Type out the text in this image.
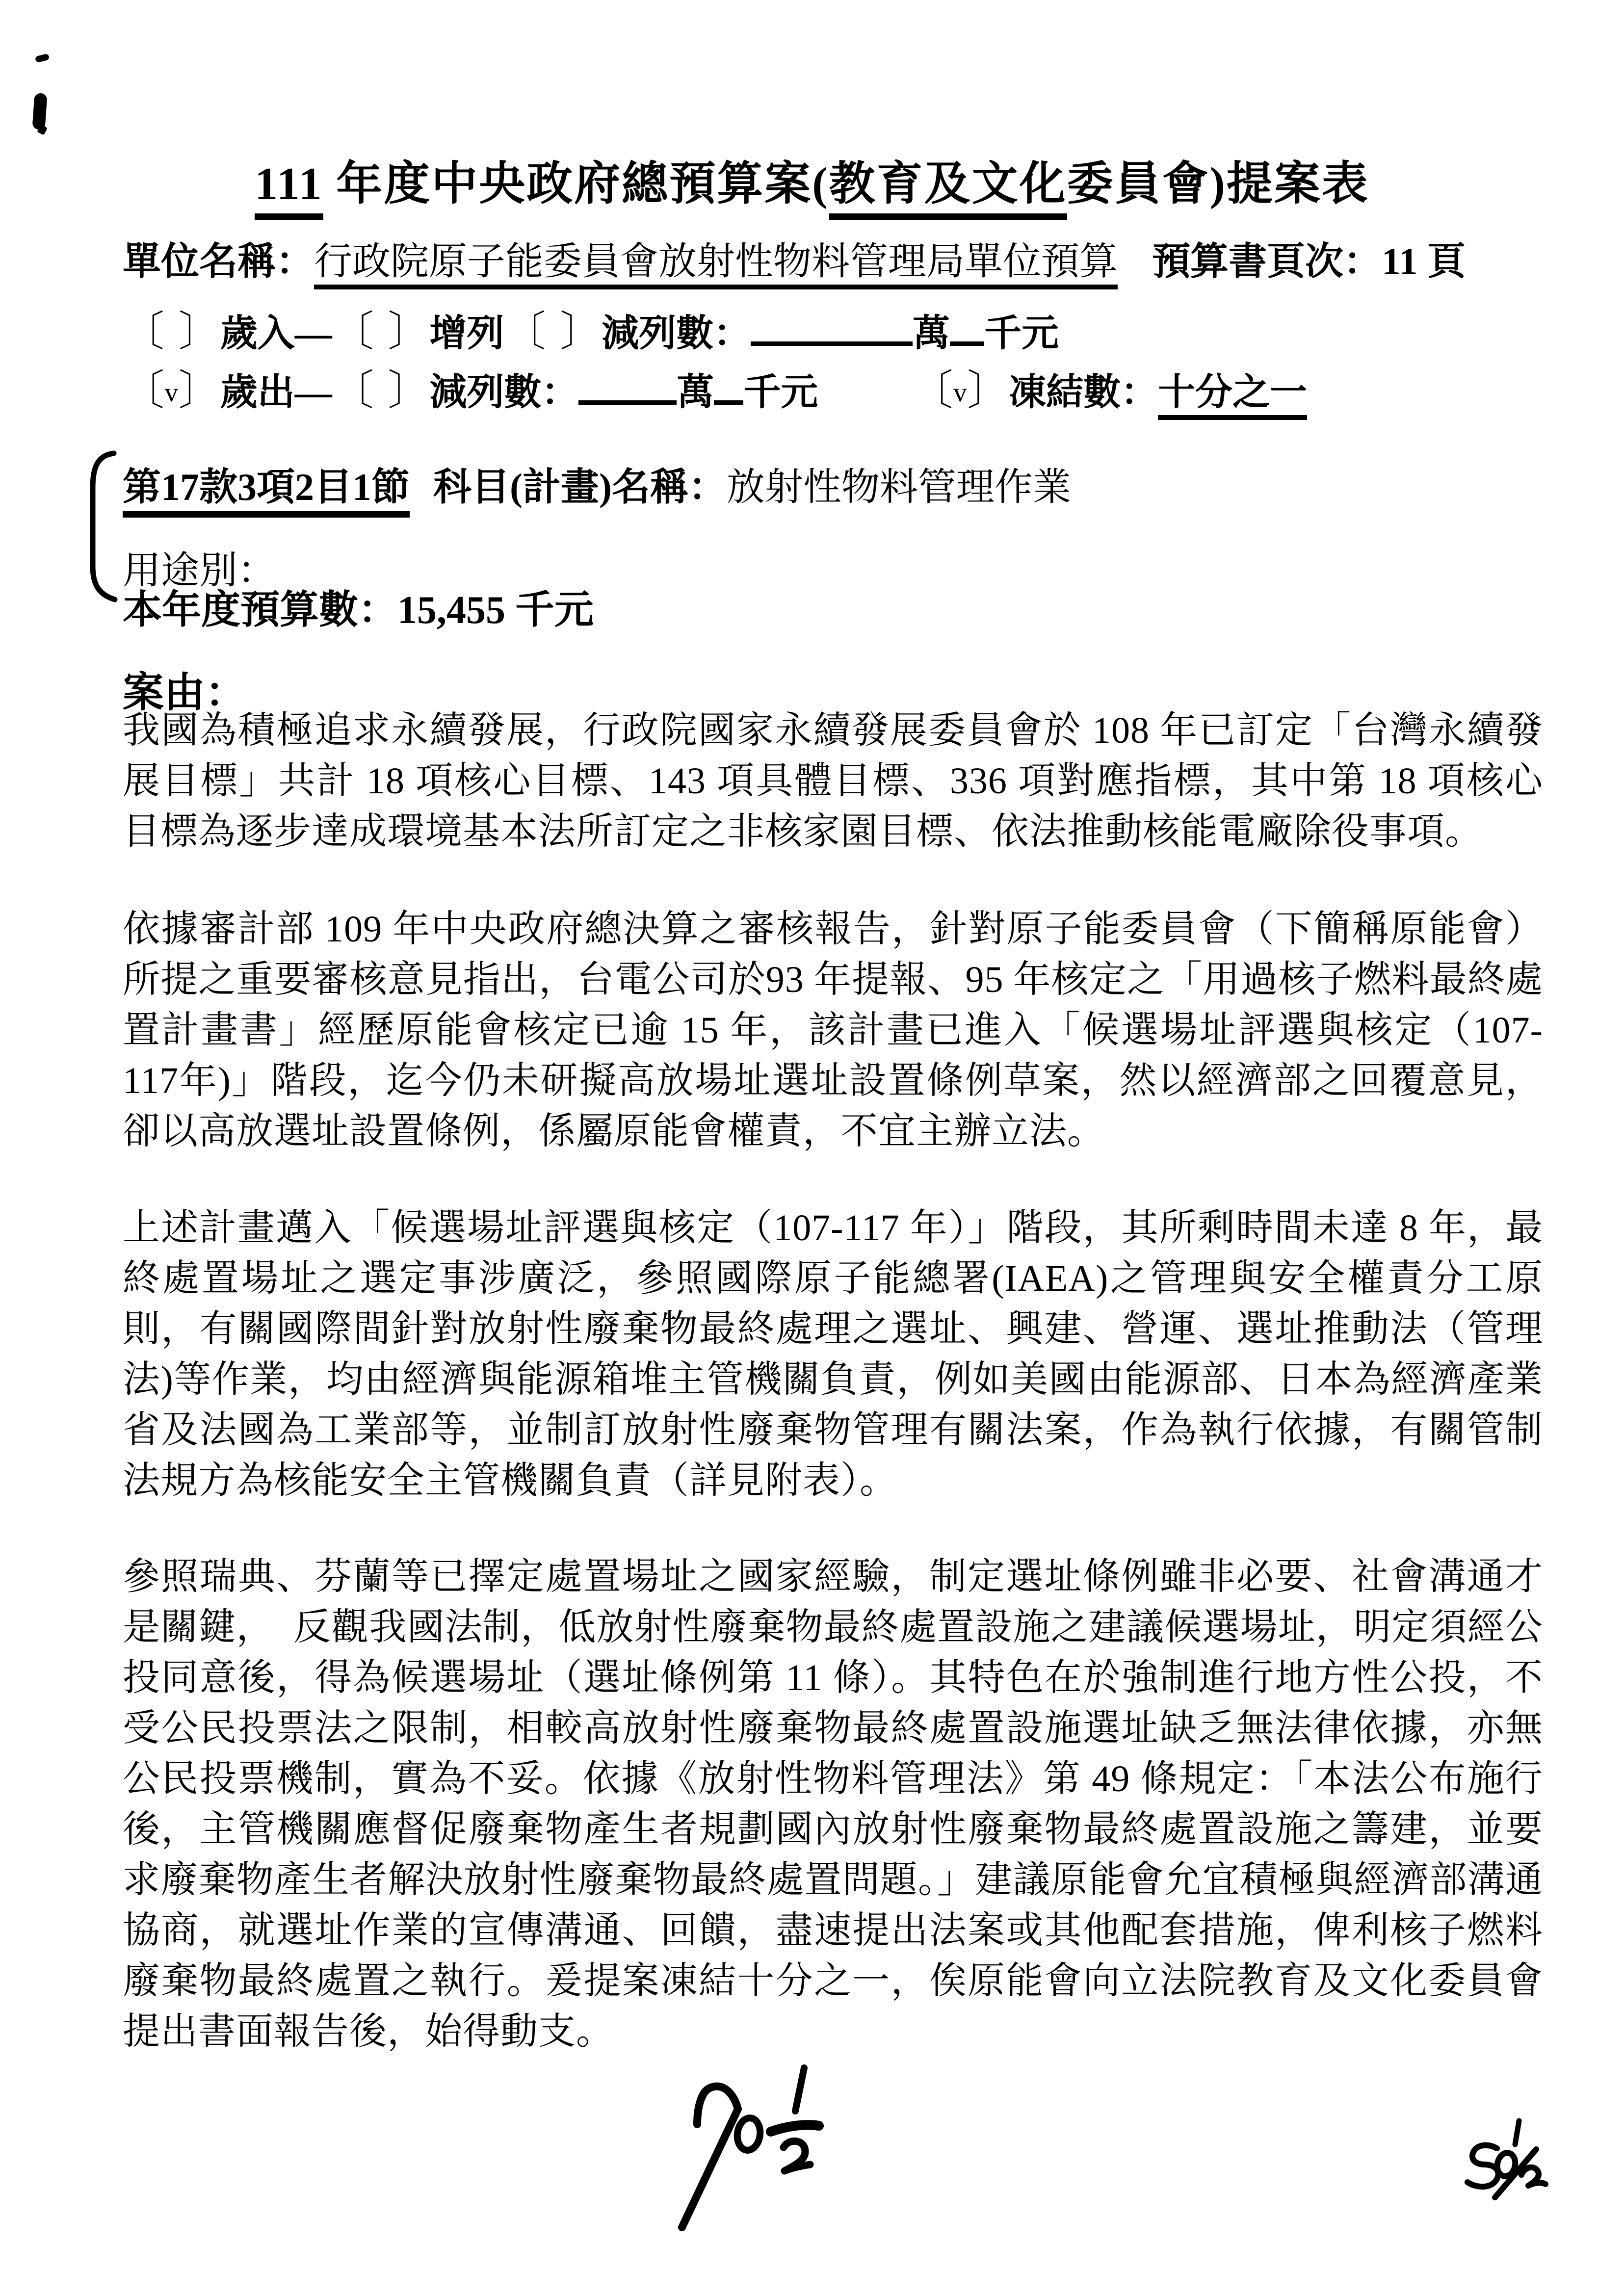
111 年度中央政府總預算案(教育及文化委員會)提案表
單位名稱：行政院原子能委員會放射性物料管理局單位預算 預算書頁次：11 頁
〔 〕歲入—〔 〕增列〔 〕減列數：	萬 千元
〔v〕歲出—〔 〕減列數：	萬 千元 〔v〕凍結數：十分之一
第17款3項2目1節 科目(計畫)名稱：放射性物料管理作業
用途別：
本年度預算數：15,455 千元
案由：

我國為積極追求永續發展，行政院國家永續發展委員會於 108 年已訂定「台灣永續發展目標」共計 18 項核心目標、143 項具體目標、336 項對應指標，其中第 18 項核心目標為逐步達成環境基本法所訂定之非核家園目標、依法推動核能電廠除役事項。

依據審計部 109 年中央政府總決算之審核報告，針對原子能委員會（下簡稱原能會）所提之重要審核意見指出，台電公司於93 年提報、95 年核定之「用過核子燃料最終處置計畫書」經歷原能會核定已逾 15 年，該計畫已進入「候選場址評選與核定（107-117年)」階段，迄今仍未研擬高放場址選址設置條例草案，然以經濟部之回覆意見，卻以高放選址設置條例，係屬原能會權責，不宜主辦立法。

上述計畫邁入「候選場址評選與核定（107-117 年）」階段，其所剩時間未達 8 年，最終處置場址之選定事涉廣泛，參照國際原子能總署(IAEA)之管理與安全權責分工原則，有關國際間針對放射性廢棄物最終處理之選址、興建、營運、選址推動法（管理法)等作業，均由經濟與能源箱堆主管機關負責，例如美國由能源部、日本為經濟產業省及法國為工業部等，並制訂放射性廢棄物管理有關法案，作為執行依據，有關管制法規方為核能安全主管機關負責（詳見附表）。

參照瑞典、芬蘭等已擇定處置場址之國家經驗，制定選址條例雖非必要、社會溝通才是關鍵，　反觀我國法制，低放射性廢棄物最終處置設施之建議候選場址，明定須經公投同意後，得為候選場址（選址條例第 11 條）。其特色在於強制進行地方性公投，不受公民投票法之限制，相較高放射性廢棄物最終處置設施選址缺乏無法律依據，亦無公民投票機制，實為不妥。依據《放射性物料管理法》第 49 條規定：「本法公布施行後，主管機關應督促廢棄物產生者規劃國內放射性廢棄物最終處置設施之籌建，並要求廢棄物產生者解決放射性廢棄物最終處置問題。」建議原能會允宜積極與經濟部溝通協商，就選址作業的宣傳溝通、回饋，盡速提出法案或其他配套措施，俾利核子燃料廢棄物最終處置之執行。爰提案凍結十分之一，俟原能會向立法院教育及文化委員會提出書面報告後，始得動支。
